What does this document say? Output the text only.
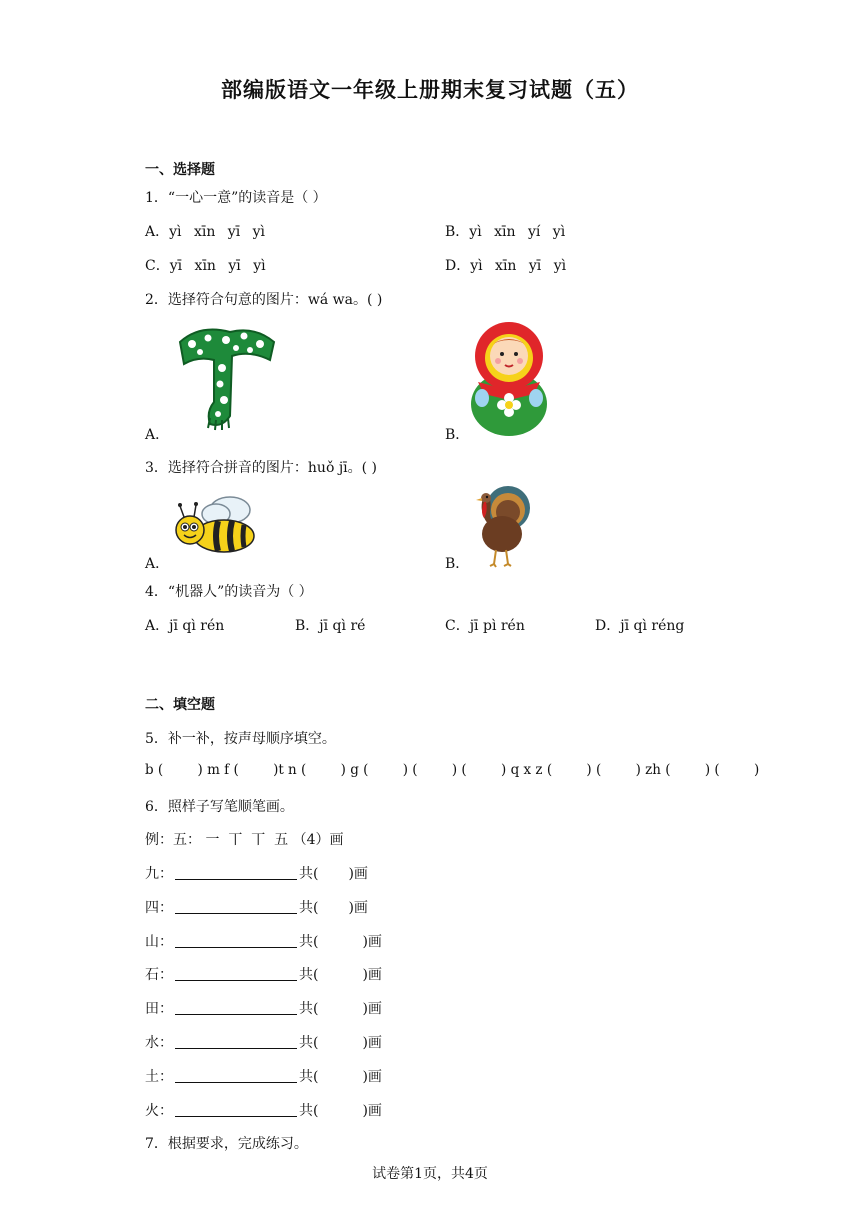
部编版语文一年级上册期末复习试题（五）
一、选择题
1．“一心一意”的读音是（ ）
A．yì xīn yī yì	B．yì xīn yí yì
C．yī xīn yī yì	D．yì xīn yī yì
2．选择符合句意的图片：wá wa。( )
A．	B．
3．选择符合拼音的图片：huǒ jī。( )
A．	B．
4．“机器人”的读音为（ ）
A．jī qì rén	B．jī qì ré	C．jī pì rén	D．jī qì réng
二、填空题
5．补一补，按声母顺序填空。
b (        ) m f (        )t n (        ) g (        ) (        ) (        ) q x z (        ) (        ) zh (        ) (        )
6．照样子写笔顺笔画。
例：五： 一  丅  丅  五 （4）画
九：	共( )画
四：	共( )画
山：	共(	)画
石：	共(	)画
田：	共(	)画
水：	共(	)画
土：	共(	)画
火：	共(	)画
7．根据要求，完成练习。
试卷第1页，共4页
